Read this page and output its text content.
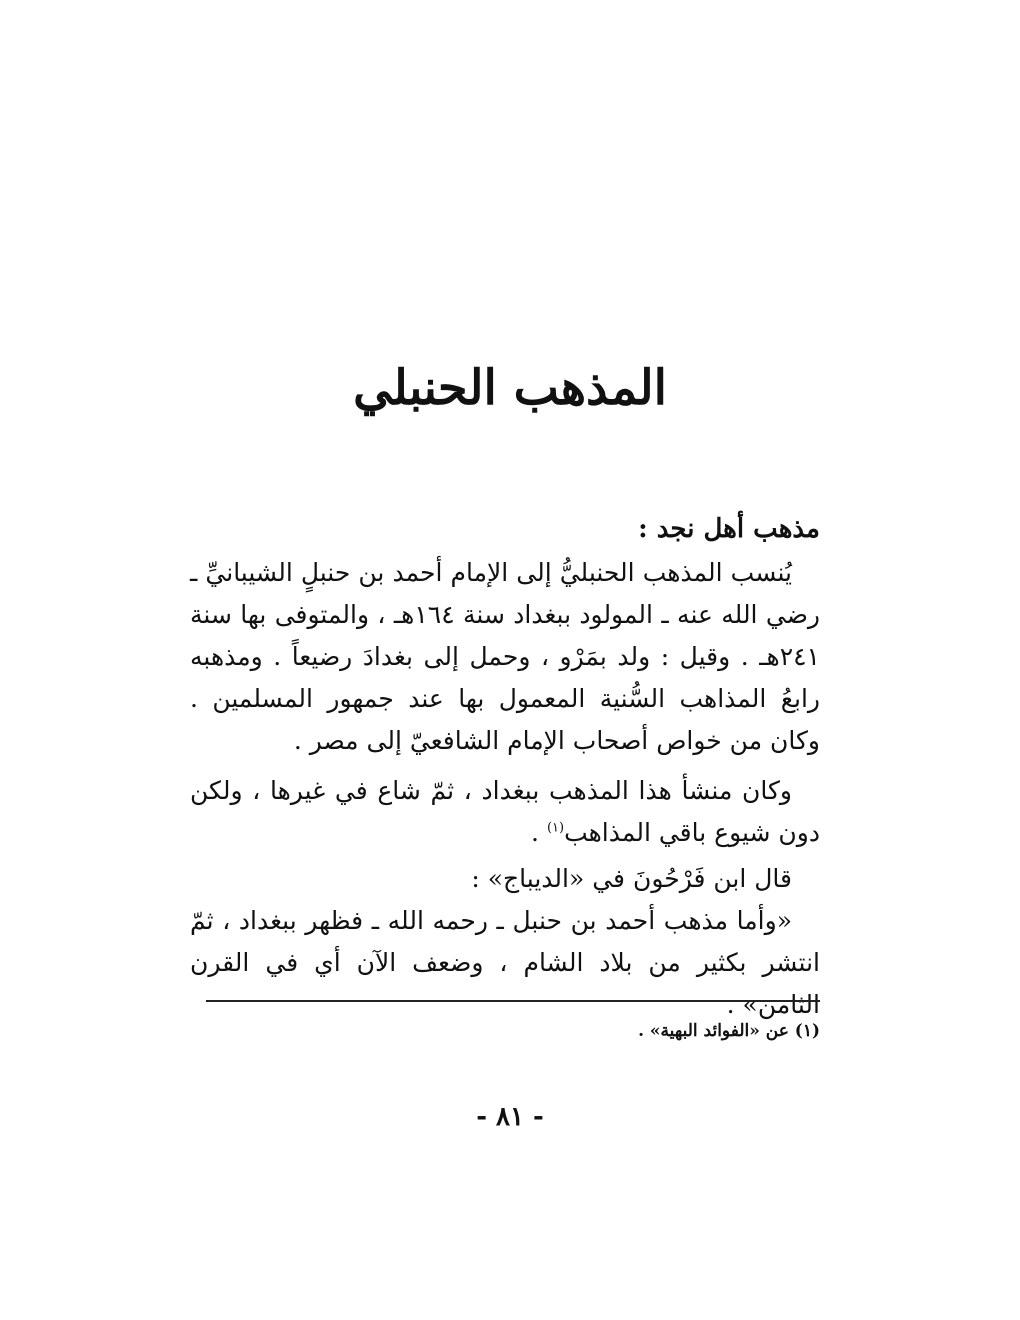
المذهب الحنبلي
مذهب أهل نجد :
يُنسب المذهب الحنبليُّ إلى الإمام أحمد بن حنبلٍ الشيبانيِّ ـ رضي الله عنه ـ المولود ببغداد سنة ١٦٤هـ ، والمتوفى بها سنة ٢٤١هـ . وقيل : ولد بمَرْو ، وحمل إلى بغدادَ رضيعاً . ومذهبه رابعُ المذاهب السُّنية المعمول بها عند جمهور المسلمين . وكان من خواص أصحاب الإمام الشافعيّ إلى مصر .
وكان منشأ هذا المذهب ببغداد ، ثمّ شاع في غيرها ، ولكن دون شيوع باقي المذاهب$^{(١)}$ .
قال ابن فَرْحُونَ في «الديباج» :
«وأما مذهب أحمد بن حنبل ـ رحمه الله ـ فظهر ببغداد ، ثمّ انتشر بكثير من بلاد الشام ، وضعف الآن أي في القرن الثامن» .
(١) عن «الفوائد البهية» .
- ٨١ -
